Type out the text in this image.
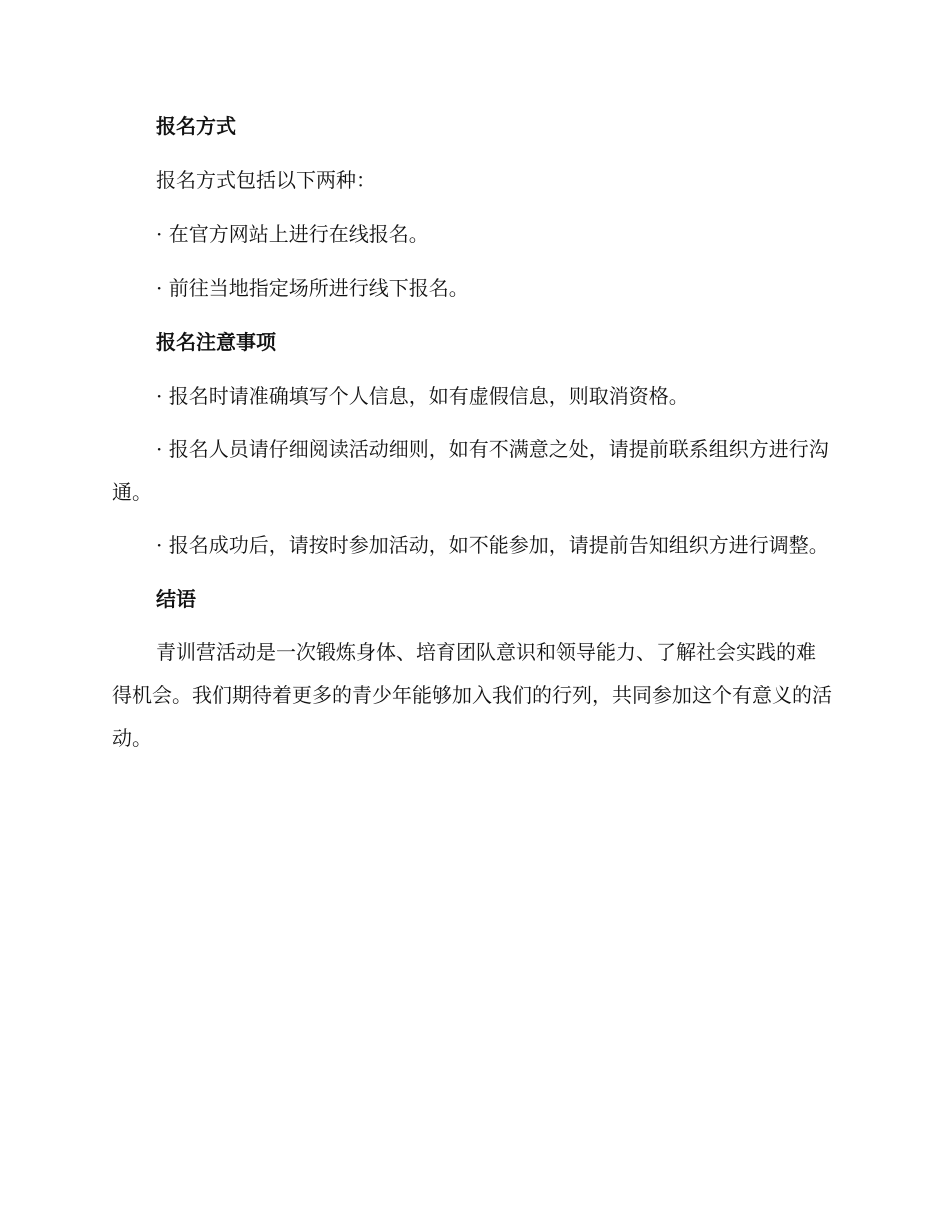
报名方式

报名方式包括以下两种：

· 在官方网站上进行在线报名。

· 前往当地指定场所进行线下报名。

报名注意事项

· 报名时请准确填写个人信息，如有虚假信息，则取消资格。

· 报名人员请仔细阅读活动细则，如有不满意之处，请提前联系组织方进行沟通。

· 报名成功后，请按时参加活动，如不能参加，请提前告知组织方进行调整。

结语

青训营活动是一次锻炼身体、培育团队意识和领导能力、了解社会实践的难得机会。我们期待着更多的青少年能够加入我们的行列，共同参加这个有意义的活动。
